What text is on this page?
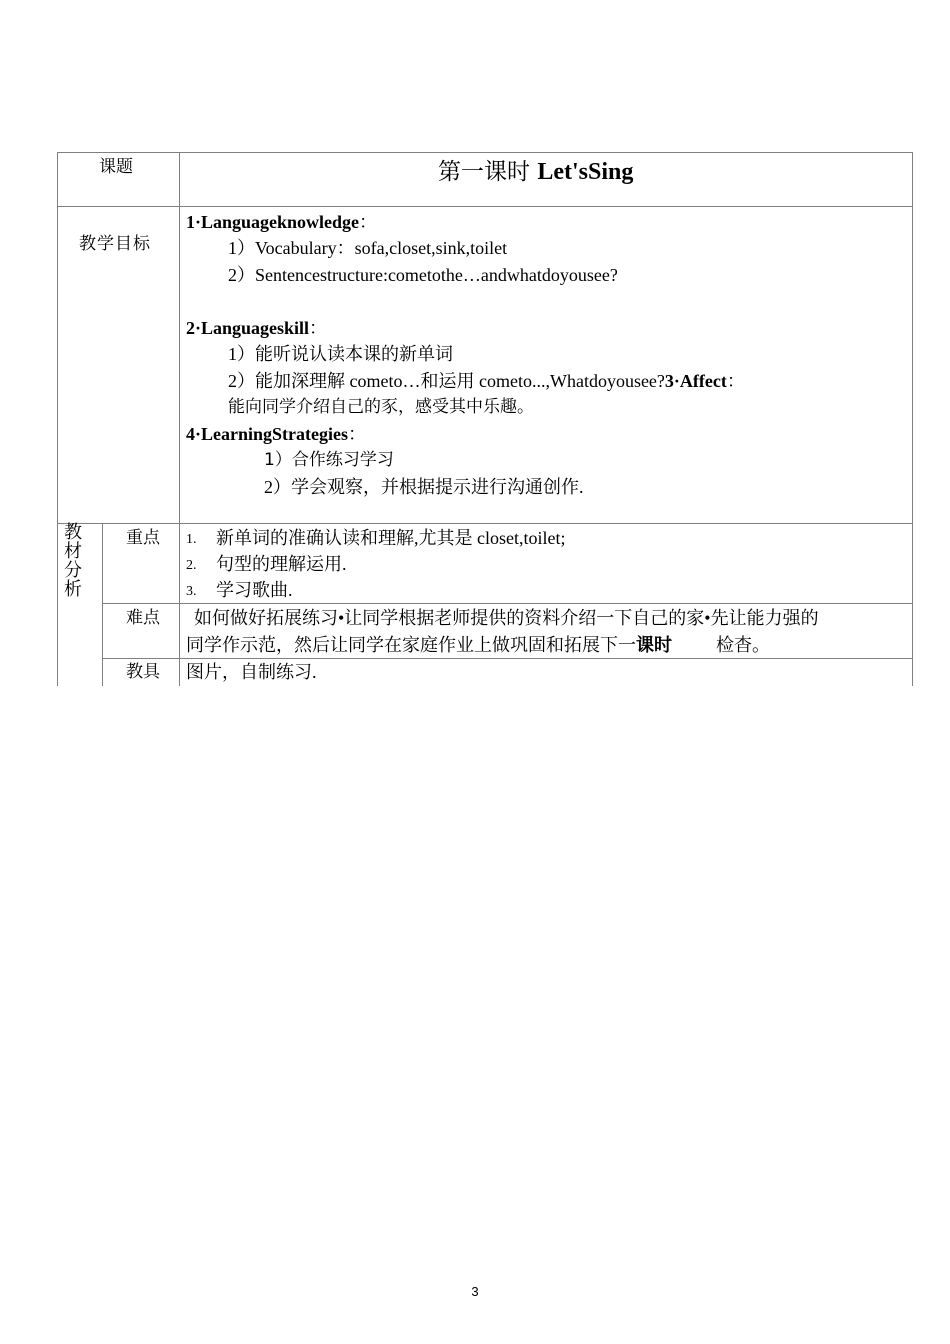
课题	第一课时 Let'sSing
教学目标
1·Languageknowledge：
1）Vocabulary：sofa,closet,sink,toilet
2）Sentencestructure:cometothe…andwhatdoyousee?
2·Languageskill：
1）能听说认读本课的新单词
2）能加深理解 cometo…和运用 cometo...,Whatdoyousee?3·Affect：
能向同学介绍自己的豕，感受其中乐趣。
4·LearningStrategies：
1）合作练习学习
2）学会观察，并根据提示进行沟通创作.
教
材
分
析
重点 1. 新单词的准确认读和理解,尤其是 closet,toilet;
2. 句型的理解运用.
3. 学习歌曲.
难点 如何做好拓展练习•让同学根据老师提供的资料介绍一下自己的家•先让能力强的
同学作示范，然后让同学在家庭作业上做巩固和拓展下一课时 检杳。
教具 图片，自制练习.
3
